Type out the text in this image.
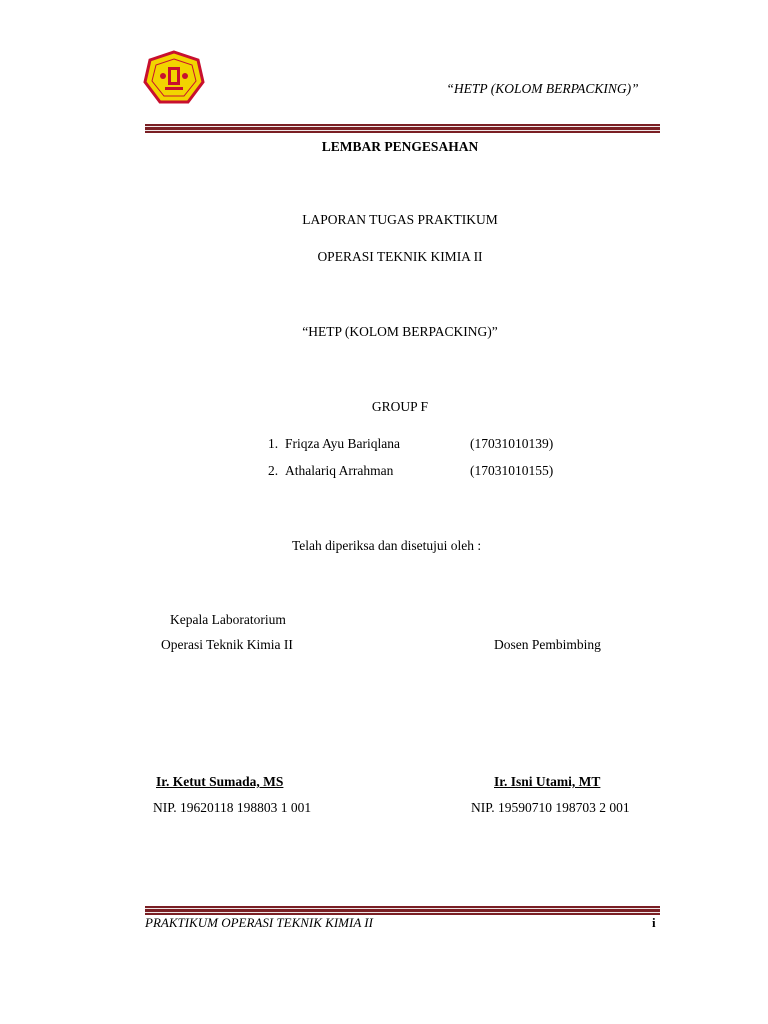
“HETP (KOLOM BERPACKING)”
LEMBAR PENGESAHAN
LAPORAN TUGAS PRAKTIKUM
OPERASI TEKNIK KIMIA II
“HETP (KOLOM BERPACKING)”
GROUP F
1. Friqza Ayu Bariqlana	(17031010139)
2. Athalariq Arrahman	(17031010155)
Telah diperiksa dan disetujui oleh :
Kepala Laboratorium
Operasi Teknik Kimia II	Dosen Pembimbing
Ir. Ketut Sumada, MS	Ir. Isni Utami, MT
NIP. 19620118 198803 1 001	NIP. 19590710 198703 2 001
PRAKTIKUM OPERASI TEKNIK KIMIA II	i
